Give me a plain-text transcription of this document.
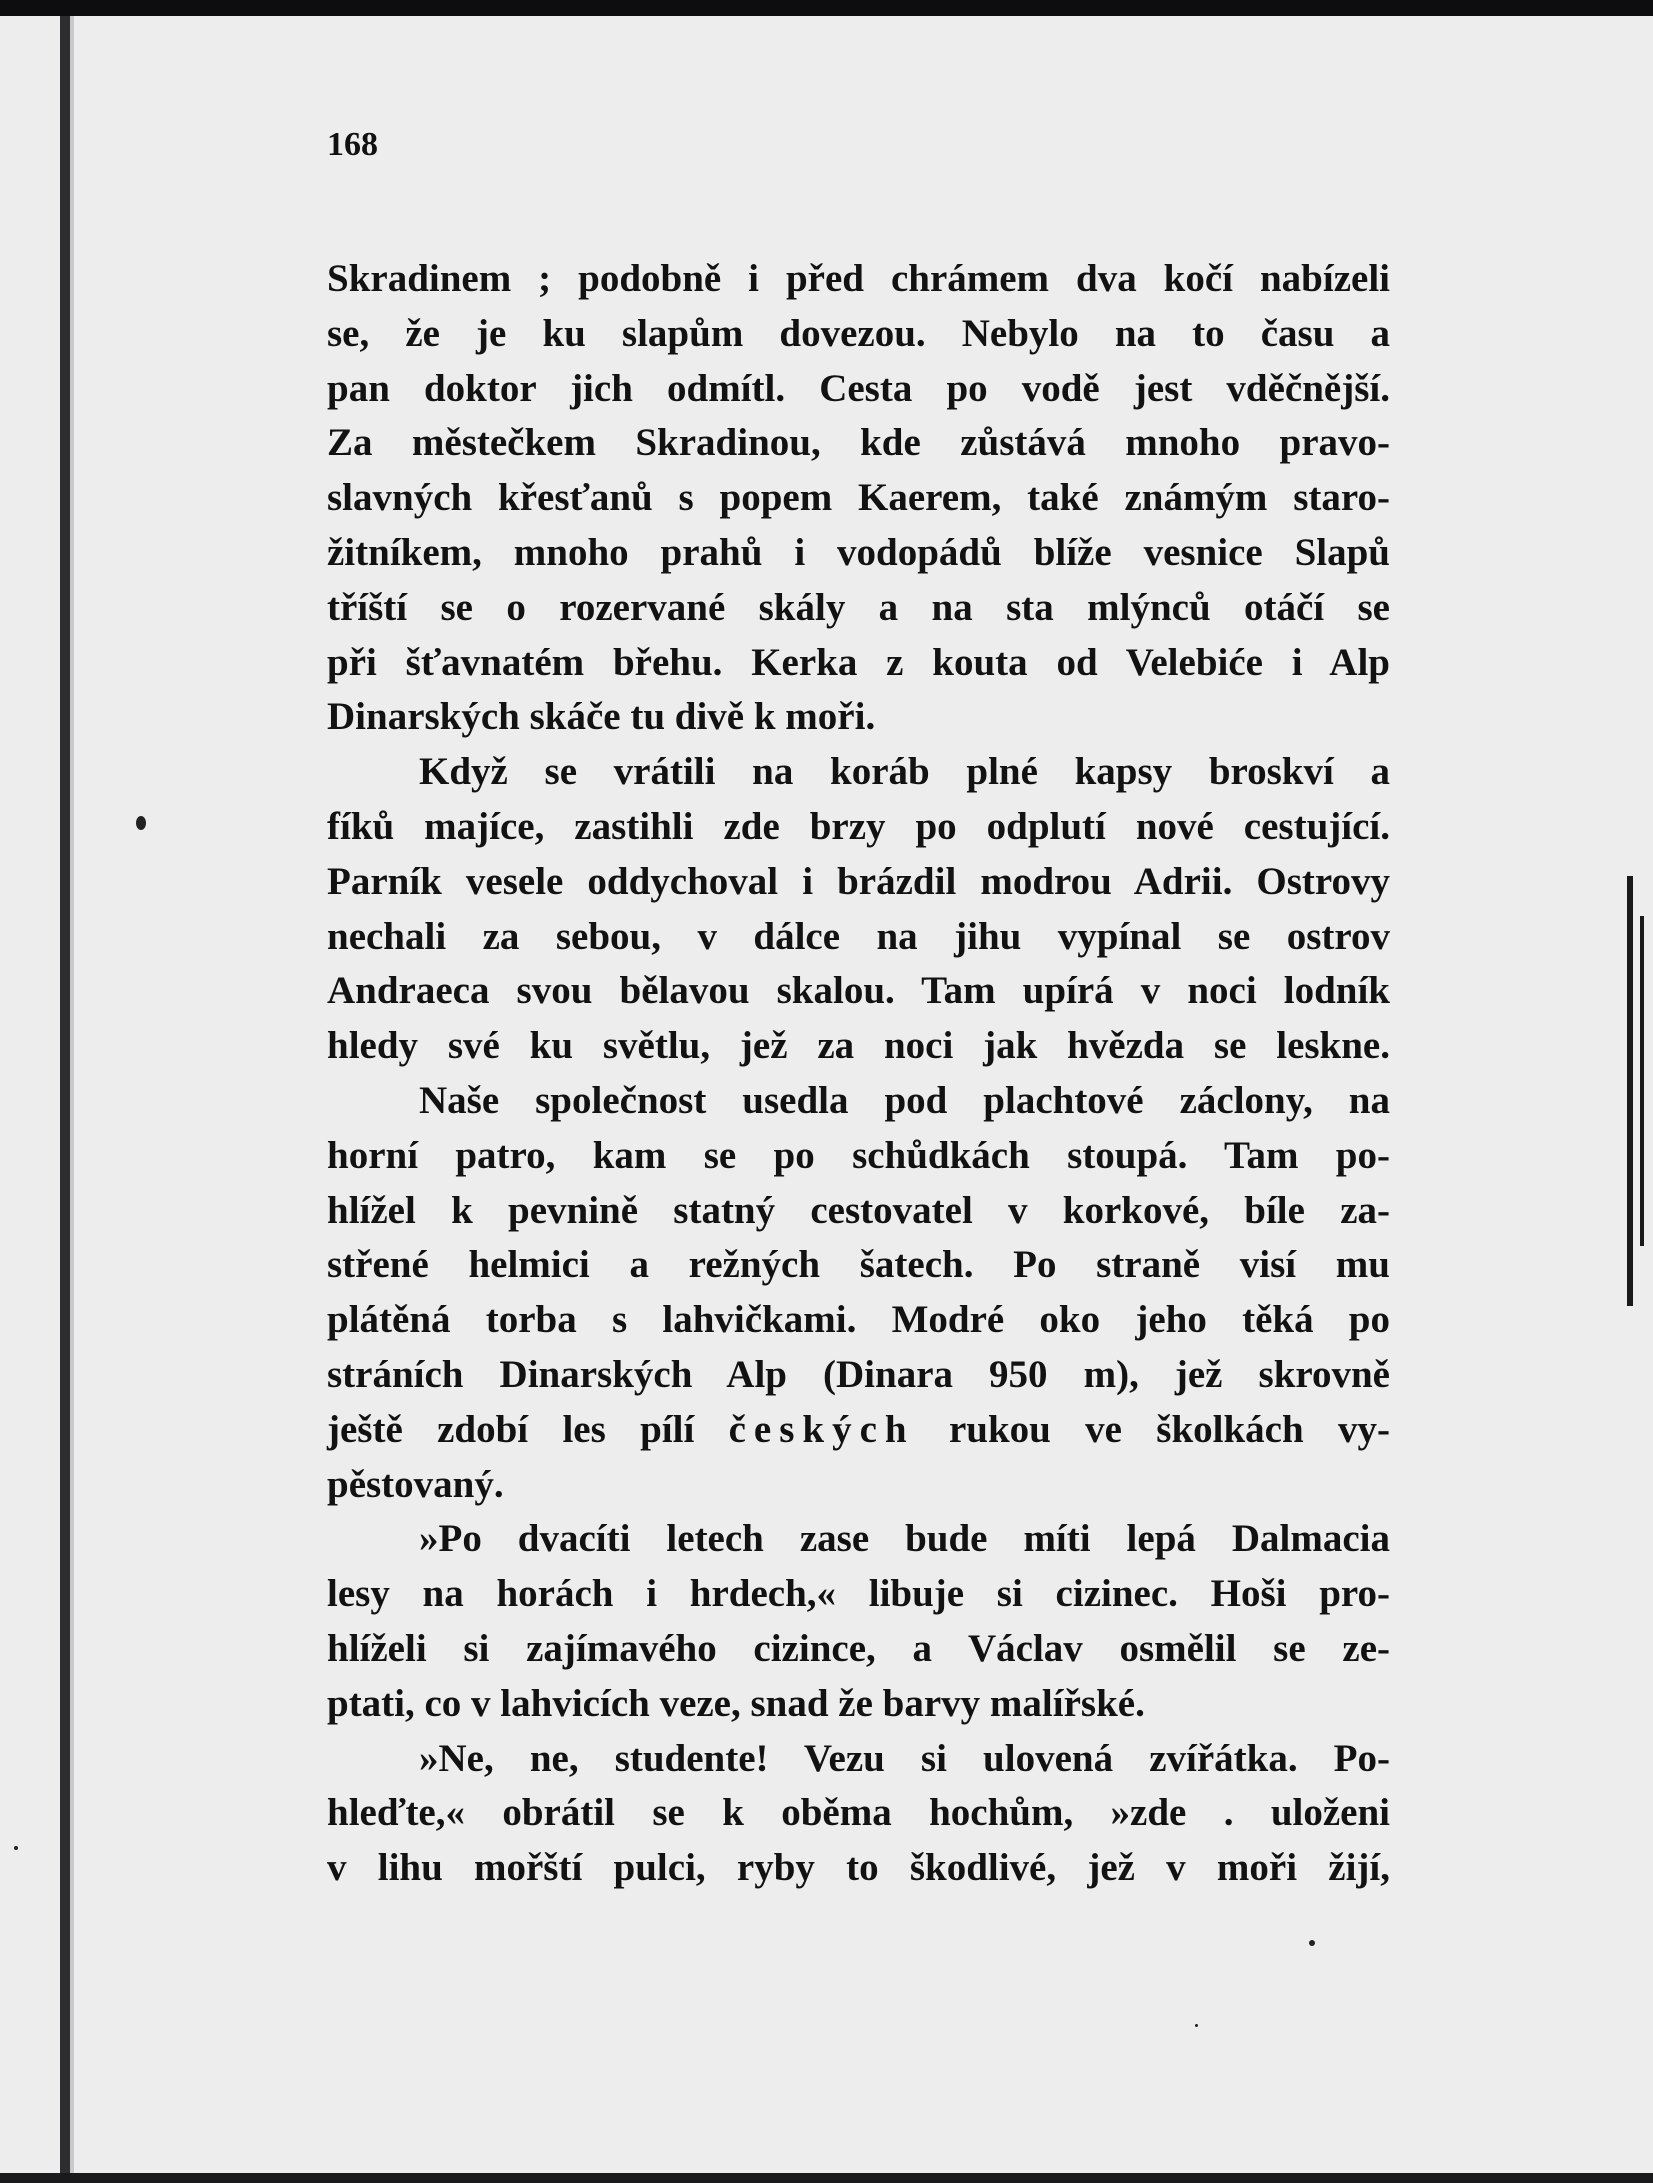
168
Skradinem ; podobně i před chrámem dva kočí nabízeli
se, že je ku slapům dovezou. Nebylo na to času a
pan doktor jich odmítl. Cesta po vodě jest vděčnější.
Za městečkem Skradinou, kde zůstává mnoho pravo-
slavných křesťanů s popem Kaerem, také známým staro-
žitníkem, mnoho prahů i vodopádů blíže vesnice Slapů
tříští se o rozervané skály a na sta mlýnců otáčí se
při šťavnatém břehu. Kerka z kouta od Velebiće i Alp
Dinarských skáče tu divě k moři.
Když se vrátili na koráb plné kapsy broskví a
fíků majíce, zastihli zde brzy po odplutí nové cestující.
Parník vesele oddychoval i brázdil modrou Adrii. Ostrovy
nechali za sebou, v dálce na jihu vypínal se ostrov
Andraeca svou bělavou skalou. Tam upírá v noci lodník
hledy své ku světlu, jež za noci jak hvězda se leskne.
Naše společnost usedla pod plachtové záclony, na
horní patro, kam se po schůdkách stoupá. Tam po-
hlížel k pevnině statný cestovatel v korkové, bíle za-
střené helmici a režných šatech. Po straně visí mu
plátěná torba s lahvičkami. Modré oko jeho těká po
stráních Dinarských Alp (Dinara 950 m), jež skrovně
ještě zdobí les pílí českých rukou ve školkách vy-
pěstovaný.
»Po dvacíti letech zase bude míti lepá Dalmacia
lesy na horách i hrdech,« libuje si cizinec. Hoši pro-
hlíželi si zajímavého cizince, a Václav osmělil se ze-
ptati, co v lahvicích veze, snad že barvy malířské.
»Ne, ne, studente! Vezu si ulovená zvířátka. Po-
hleďte,« obrátil se k oběma hochům, »zde . uloženi
v lihu mořští pulci, ryby to škodlivé, jež v moři žijí,
